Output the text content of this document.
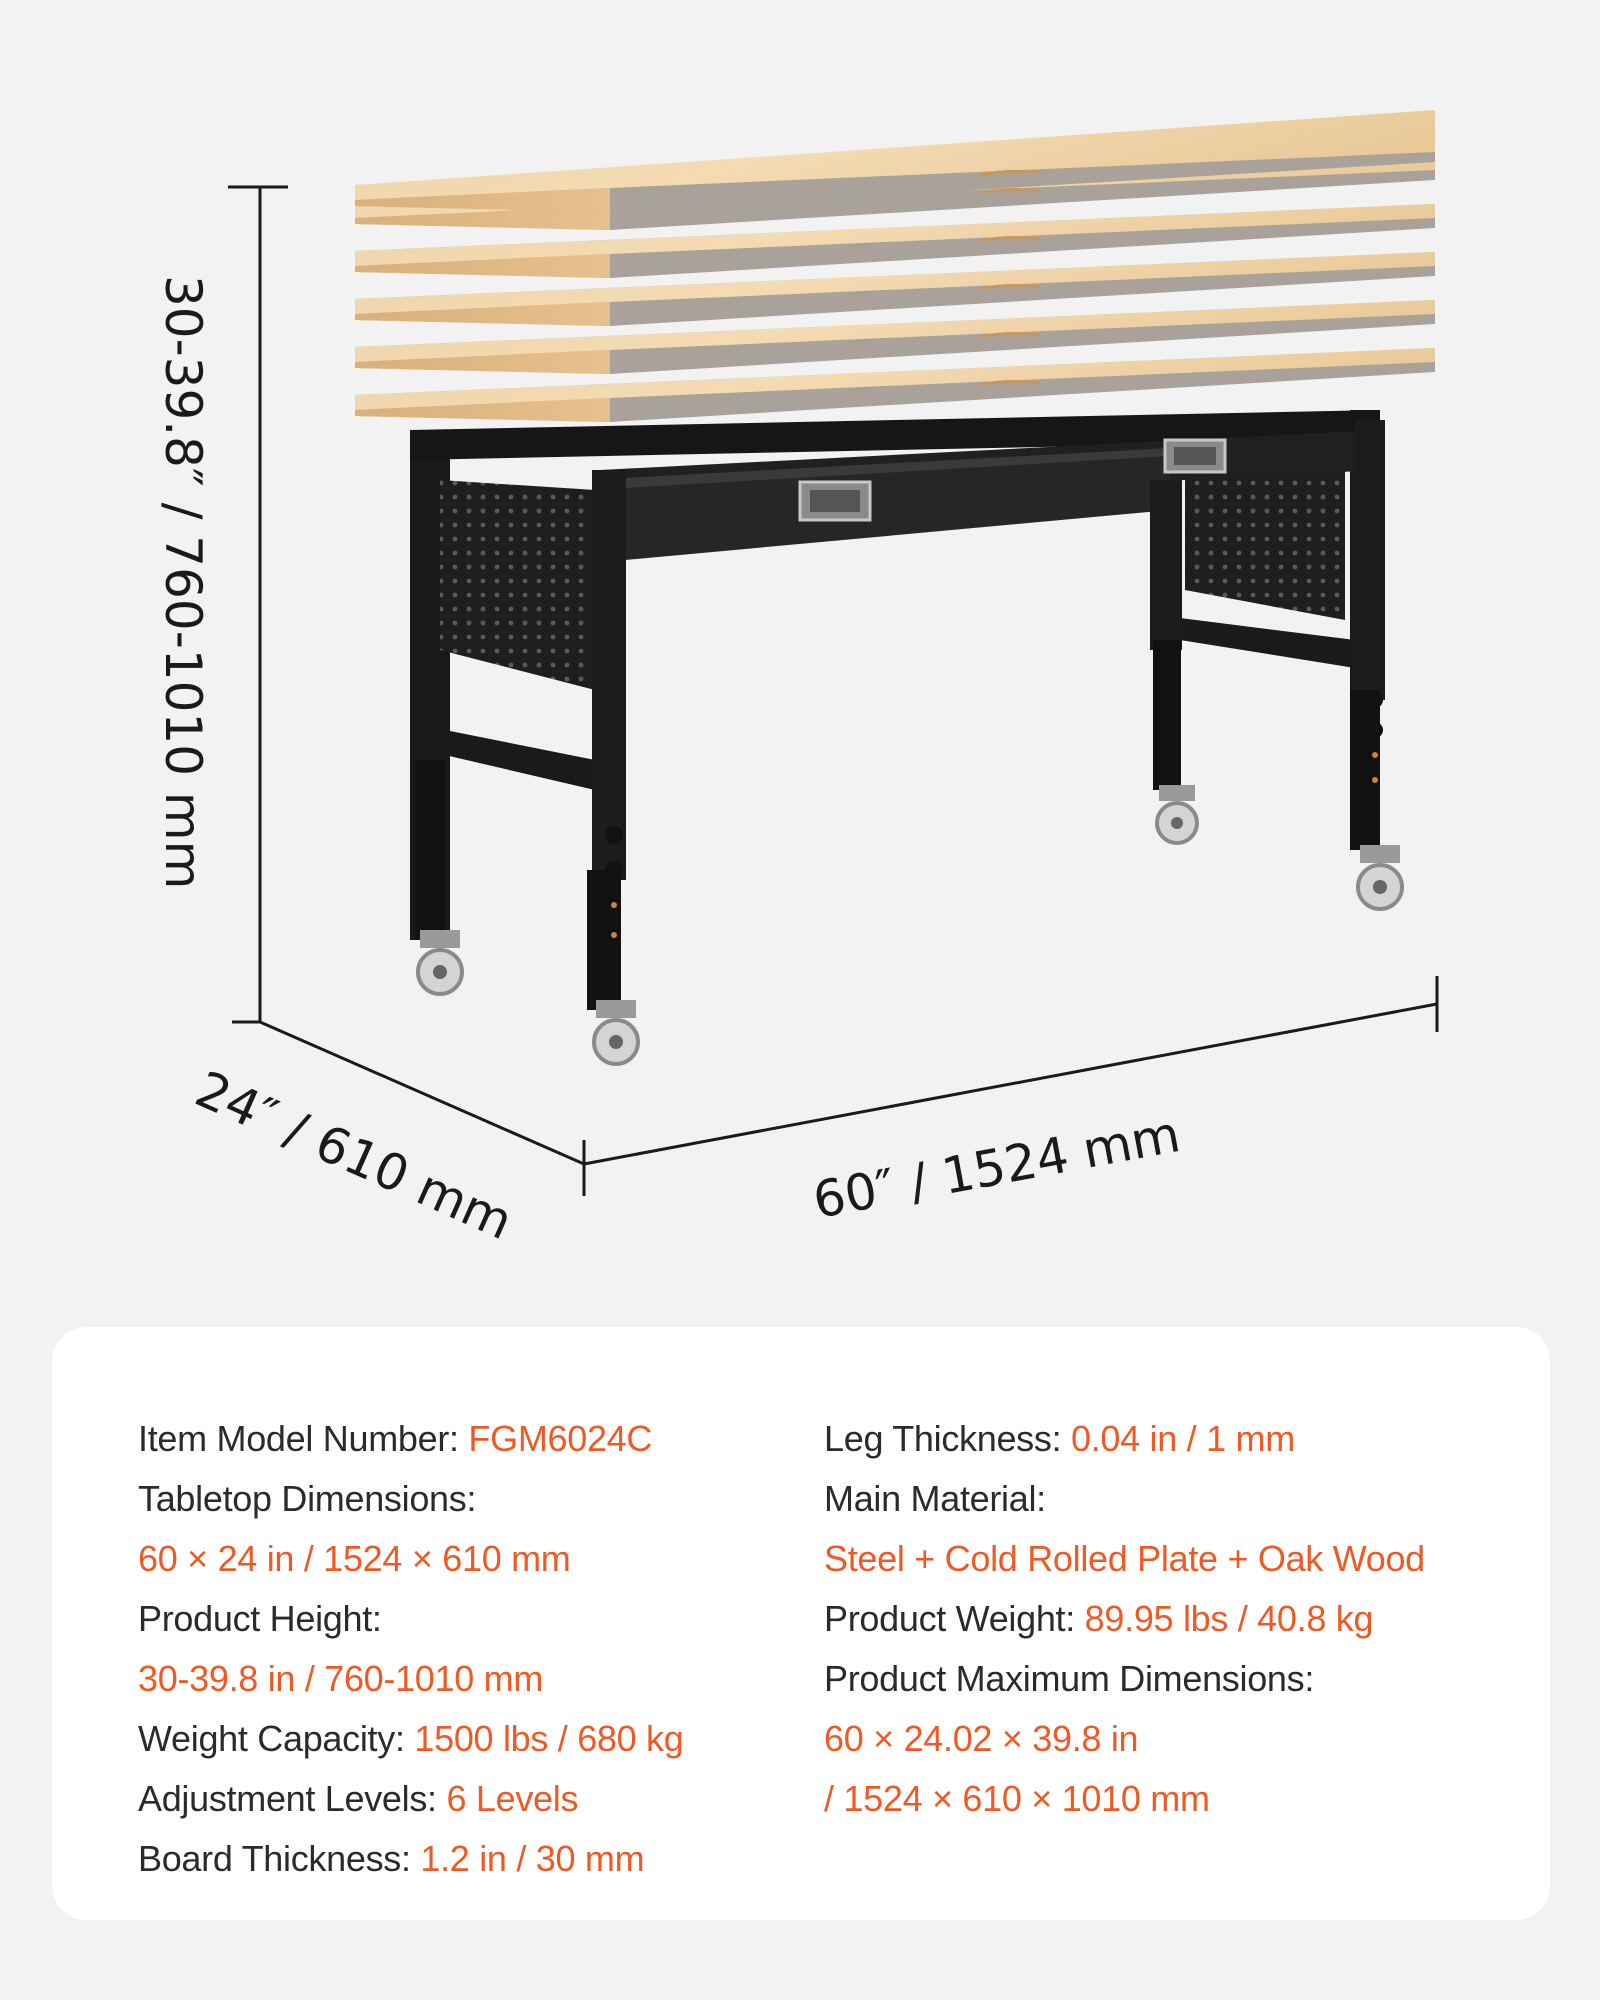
30-39.8″ / 760-1010 mm
24″ / 610 mm	60″ / 1524 mm
Item Model Number: FGM6024C
Tabletop Dimensions:
60 × 24 in / 1524 × 610 mm
Product Height:
30-39.8 in / 760-1010 mm
Weight Capacity: 1500 lbs / 680 kg
Adjustment Levels: 6 Levels
Board Thickness: 1.2 in / 30 mm
Leg Thickness: 0.04 in / 1 mm
Main Material:
Steel + Cold Rolled Plate + Oak Wood
Product Weight: 89.95 lbs / 40.8 kg
Product Maximum Dimensions:
60 × 24.02 × 39.8 in
/ 1524 × 610 × 1010 mm
